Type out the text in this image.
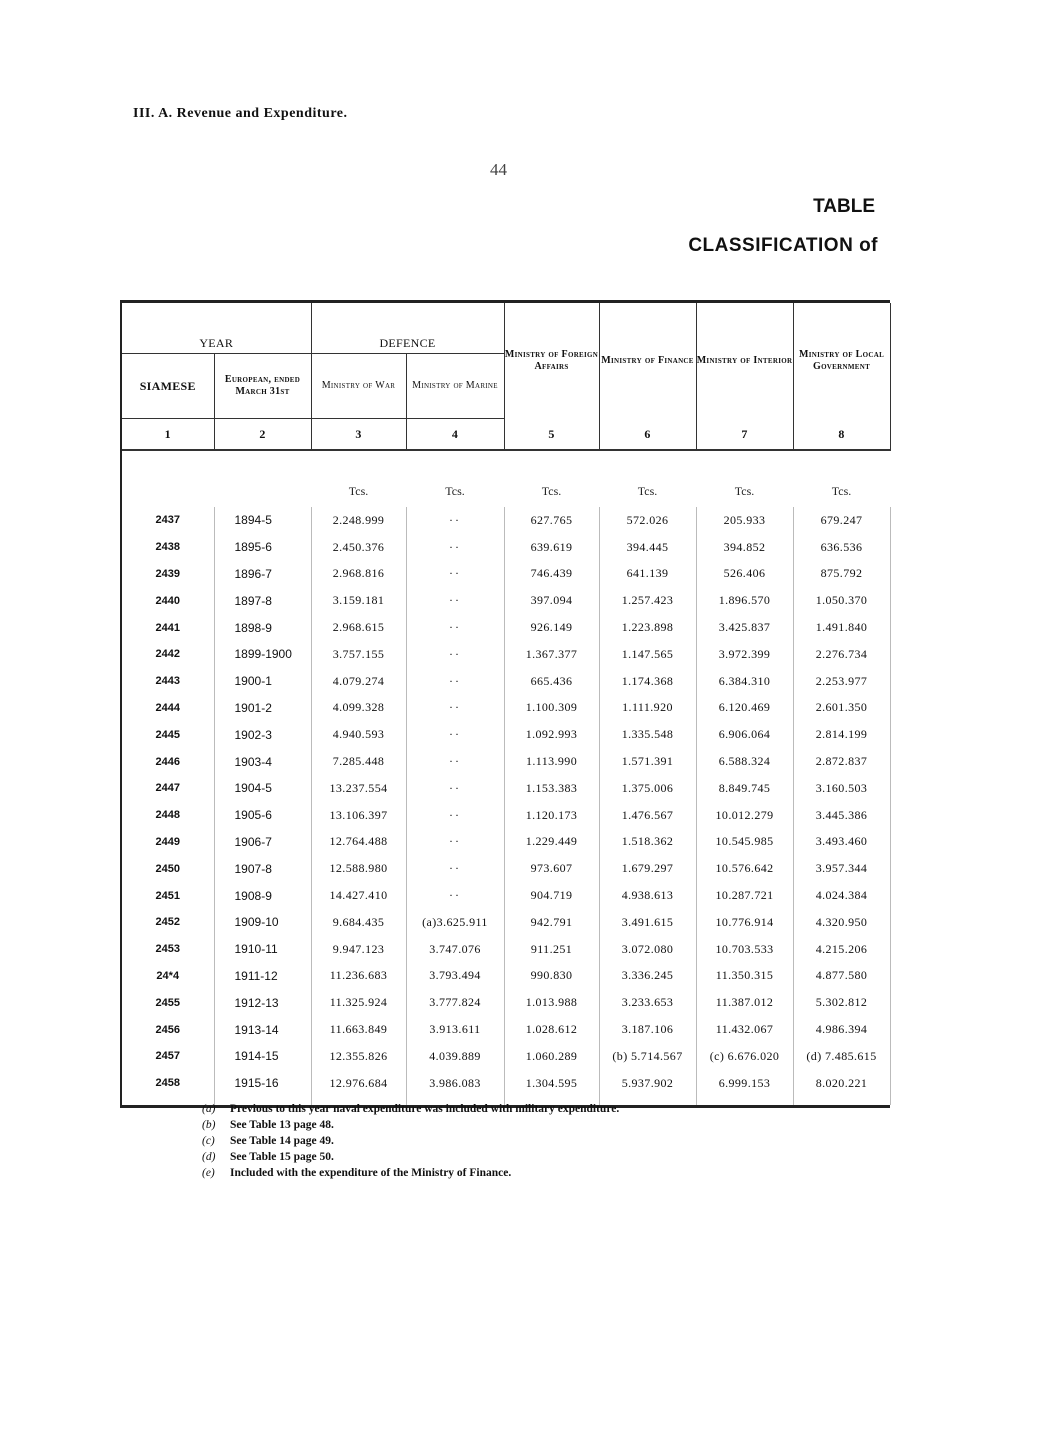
III. A. Revenue and Expenditure.
44
TABLE
CLASSIFICATION of
YEAR		DEFENCE		Ministry of Foreign Affairs	Ministry of Finance	Ministry of Interior	Ministry of Local Government
SIAMESE	European, ended March 31st	Ministry of War	Ministry of Marine				
1	2	3	4	5	6	7	8
		Tcs.	Tcs.	Tcs.	Tcs.	Tcs.	Tcs.
2437	1894-5	2.248.999	··	627.765	572.026	205.933	679.247
2438	1895-6	2.450.376	··	639.619	394.445	394.852	636.536
2439	1896-7	2.968.816	··	746.439	641.139	526.406	875.792
2440	1897-8	3.159.181	··	397.094	1.257.423	1.896.570	1.050.370
2441	1898-9	2.968.615	··	926.149	1.223.898	3.425.837	1.491.840
2442	1899-1900	3.757.155	··	1.367.377	1.147.565	3.972.399	2.276.734
2443	1900-1	4.079.274	··	665.436	1.174.368	6.384.310	2.253.977
2444	1901-2	4.099.328	··	1.100.309	1.111.920	6.120.469	2.601.350
2445	1902-3	4.940.593	··	1.092.993	1.335.548	6.906.064	2.814.199
2446	1903-4	7.285.448	··	1.113.990	1.571.391	6.588.324	2.872.837
2447	1904-5	13.237.554	··	1.153.383	1.375.006	8.849.745	3.160.503
2448	1905-6	13.106.397	··	1.120.173	1.476.567	10.012.279	3.445.386
2449	1906-7	12.764.488	··	1.229.449	1.518.362	10.545.985	3.493.460
2450	1907-8	12.588.980	··	973.607	1.679.297	10.576.642	3.957.344
2451	1908-9	14.427.410	··	904.719	4.938.613	10.287.721	4.024.384
2452	1909-10	9.684.435	(a)3.625.911	942.791	3.491.615	10.776.914	4.320.950
2453	1910-11	9.947.123	3.747.076	911.251	3.072.080	10.703.533	4.215.206
24*4	1911-12	11.236.683	3.793.494	990.830	3.336.245	11.350.315	4.877.580
2455	1912-13	11.325.924	3.777.824	1.013.988	3.233.653	11.387.012	5.302.812
2456	1913-14	11.663.849	3.913.611	1.028.612	3.187.106	11.432.067	4.986.394
2457	1914-15	12.355.826	4.039.889	1.060.289	(b) 5.714.567	(c) 6.676.020	(d) 7.485.615
2458	1915-16	12.976.684	3.986.083	1.304.595	5.937.902	6.999.153	8.020.221
(a)	Previous to this year naval expenditure was included with military expenditure.
(b)	See Table 13 page 48.
(c)	See Table 14 page 49.
(d)	See Table 15 page 50.
(e)	Included with the expenditure of the Ministry of Finance.
